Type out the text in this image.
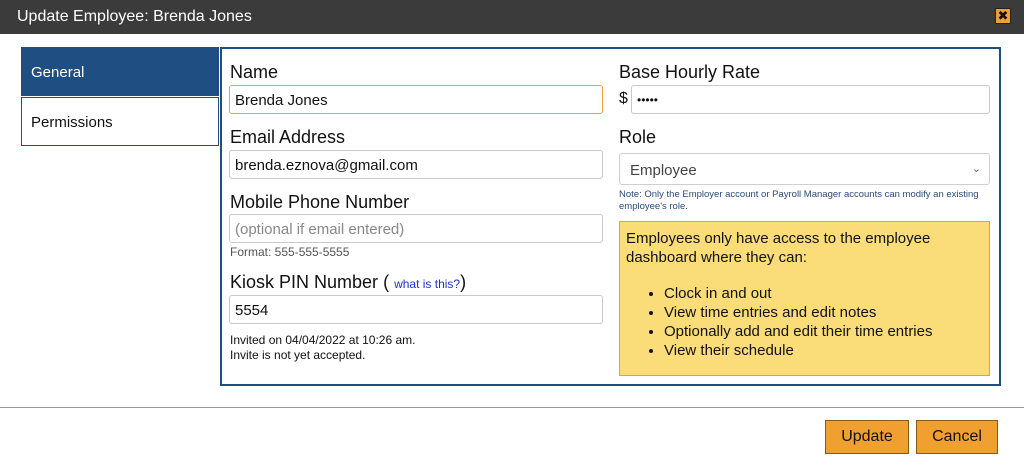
Update Employee: Brenda Jones	✖
General
Permissions
Name
Brenda Jones
Email Address
brenda.eznova@gmail.com
Mobile Phone Number
(optional if email entered)
Format: 555-555-5555
Kiosk PIN Number ( what is this?)
5554
Invited on 04/04/2022 at 10:26 am.
Invite is not yet accepted.
Base Hourly Rate
$ •••••
Role
Employee	⌄
Note: Only the Employer account or Payroll Manager accounts can modify an existing employee's role.
Employees only have access to the employee dashboard where they can:
• Clock in and out
• View time entries and edit notes
• Optionally add and edit their time entries
• View their schedule
Update	Cancel
